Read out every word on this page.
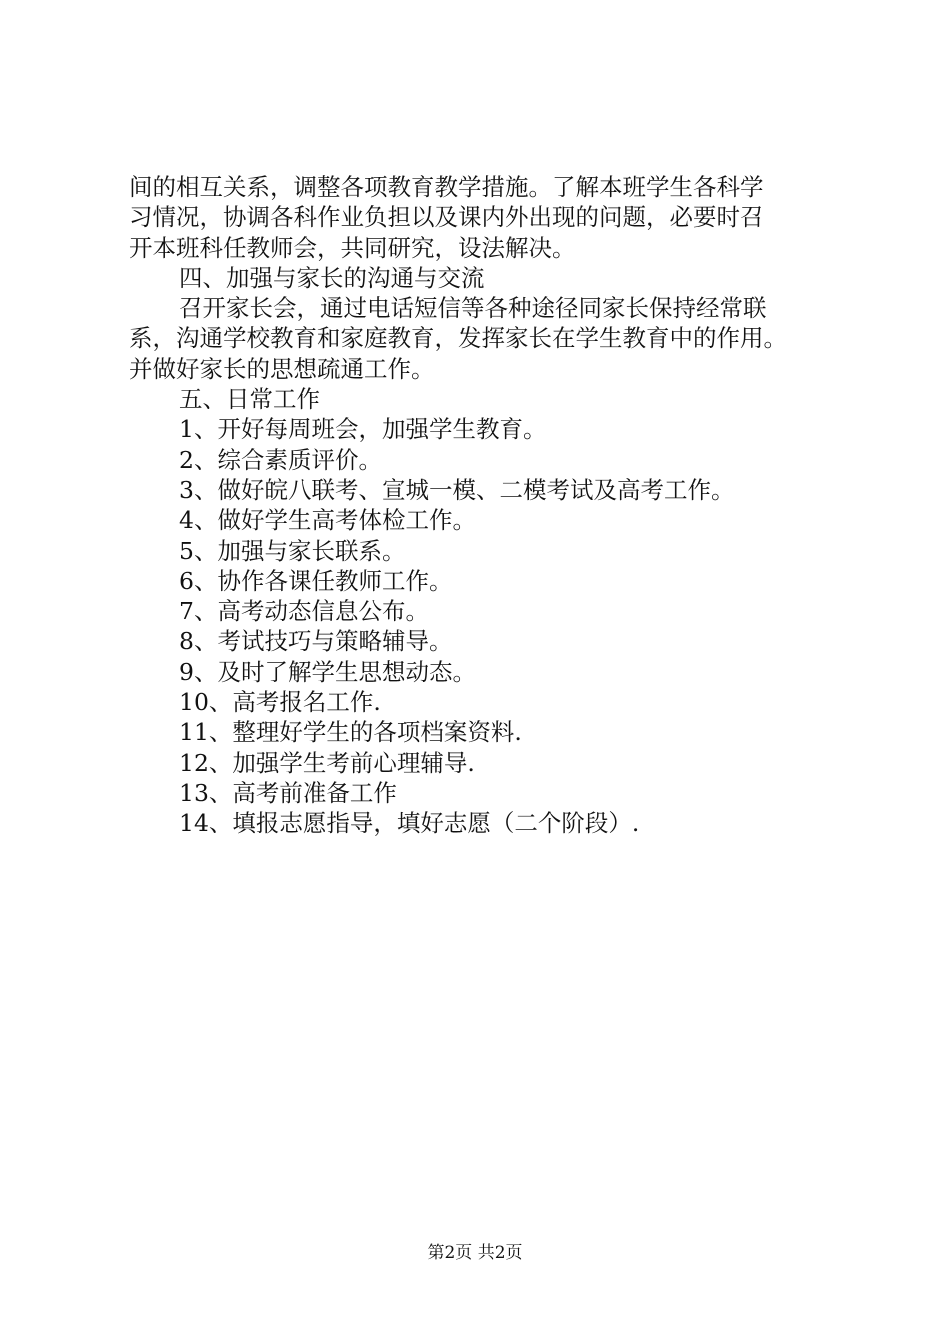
间的相互关系，调整各项教育教学措施。了解本班学生各科学
习情况，协调各科作业负担以及课内外出现的问题，必要时召
开本班科任教师会，共同研究，设法解决。
四、加强与家长的沟通与交流
召开家长会，通过电话短信等各种途径同家长保持经常联
系，沟通学校教育和家庭教育，发挥家长在学生教育中的作用。
并做好家长的思想疏通工作。
五、日常工作
1、开好每周班会，加强学生教育。
2、综合素质评价。
3、做好皖八联考、宣城一模、二模考试及高考工作。
4、做好学生高考体检工作。
5、加强与家长联系。
6、协作各课任教师工作。
7、高考动态信息公布。
8、考试技巧与策略辅导。
9、及时了解学生思想动态。
10、高考报名工作.
11、整理好学生的各项档案资料.
12、加强学生考前心理辅导.
13、高考前准备工作
14、填报志愿指导，填好志愿（二个阶段）.
第2页 共2页
